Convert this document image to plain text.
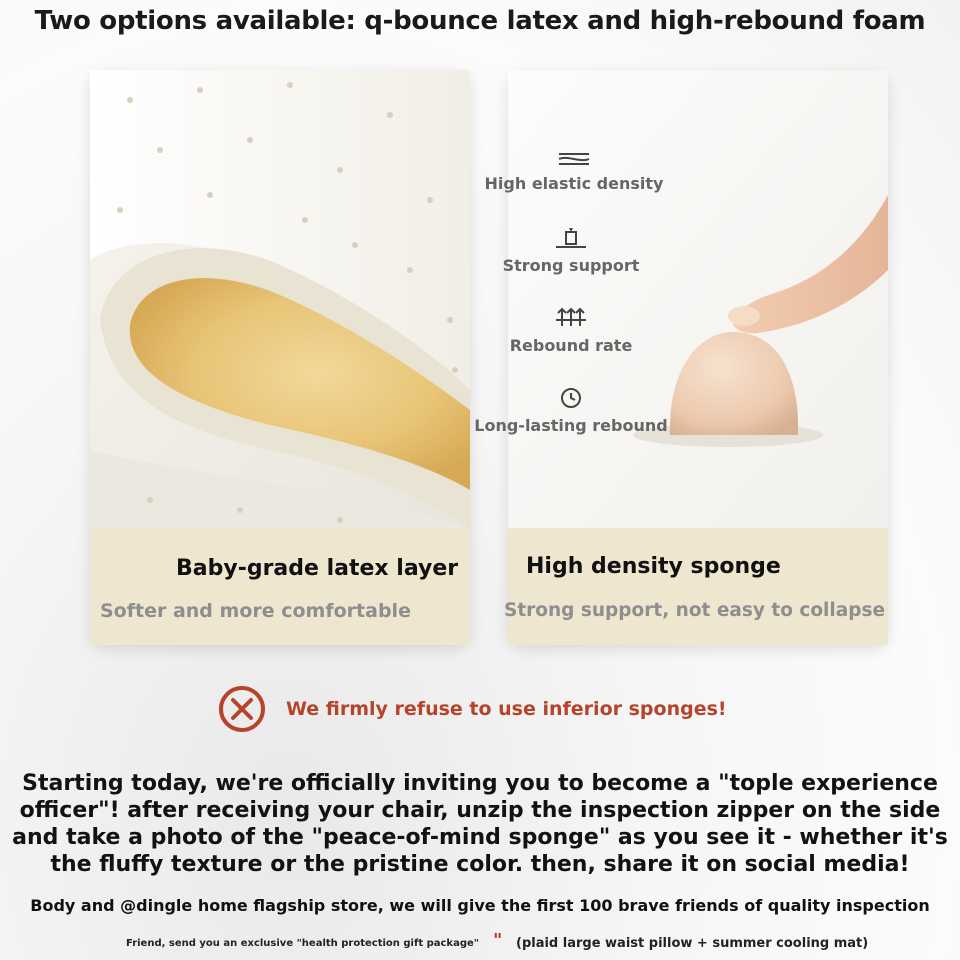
Two options available: q-bounce latex and high-rebound foam
Baby-grade latex layer
Softer and more comfortable
High elastic density
Strong support
Rebound rate
Long-lasting rebound
High density sponge
Strong support, not easy to collapse
We firmly refuse to use inferior sponges!
Starting today, we're officially inviting you to become a "tople experience officer"! after receiving your chair, unzip the inspection zipper on the side and take a photo of the "peace-of-mind sponge" as you see it - whether it's the fluffy texture or the pristine color. then, share it on social media!
Body and @dingle home flagship store, we will give the first 100 brave friends of quality inspection
Friend, send you an exclusive "health protection gift package" " (plaid large waist pillow + summer cooling mat)
